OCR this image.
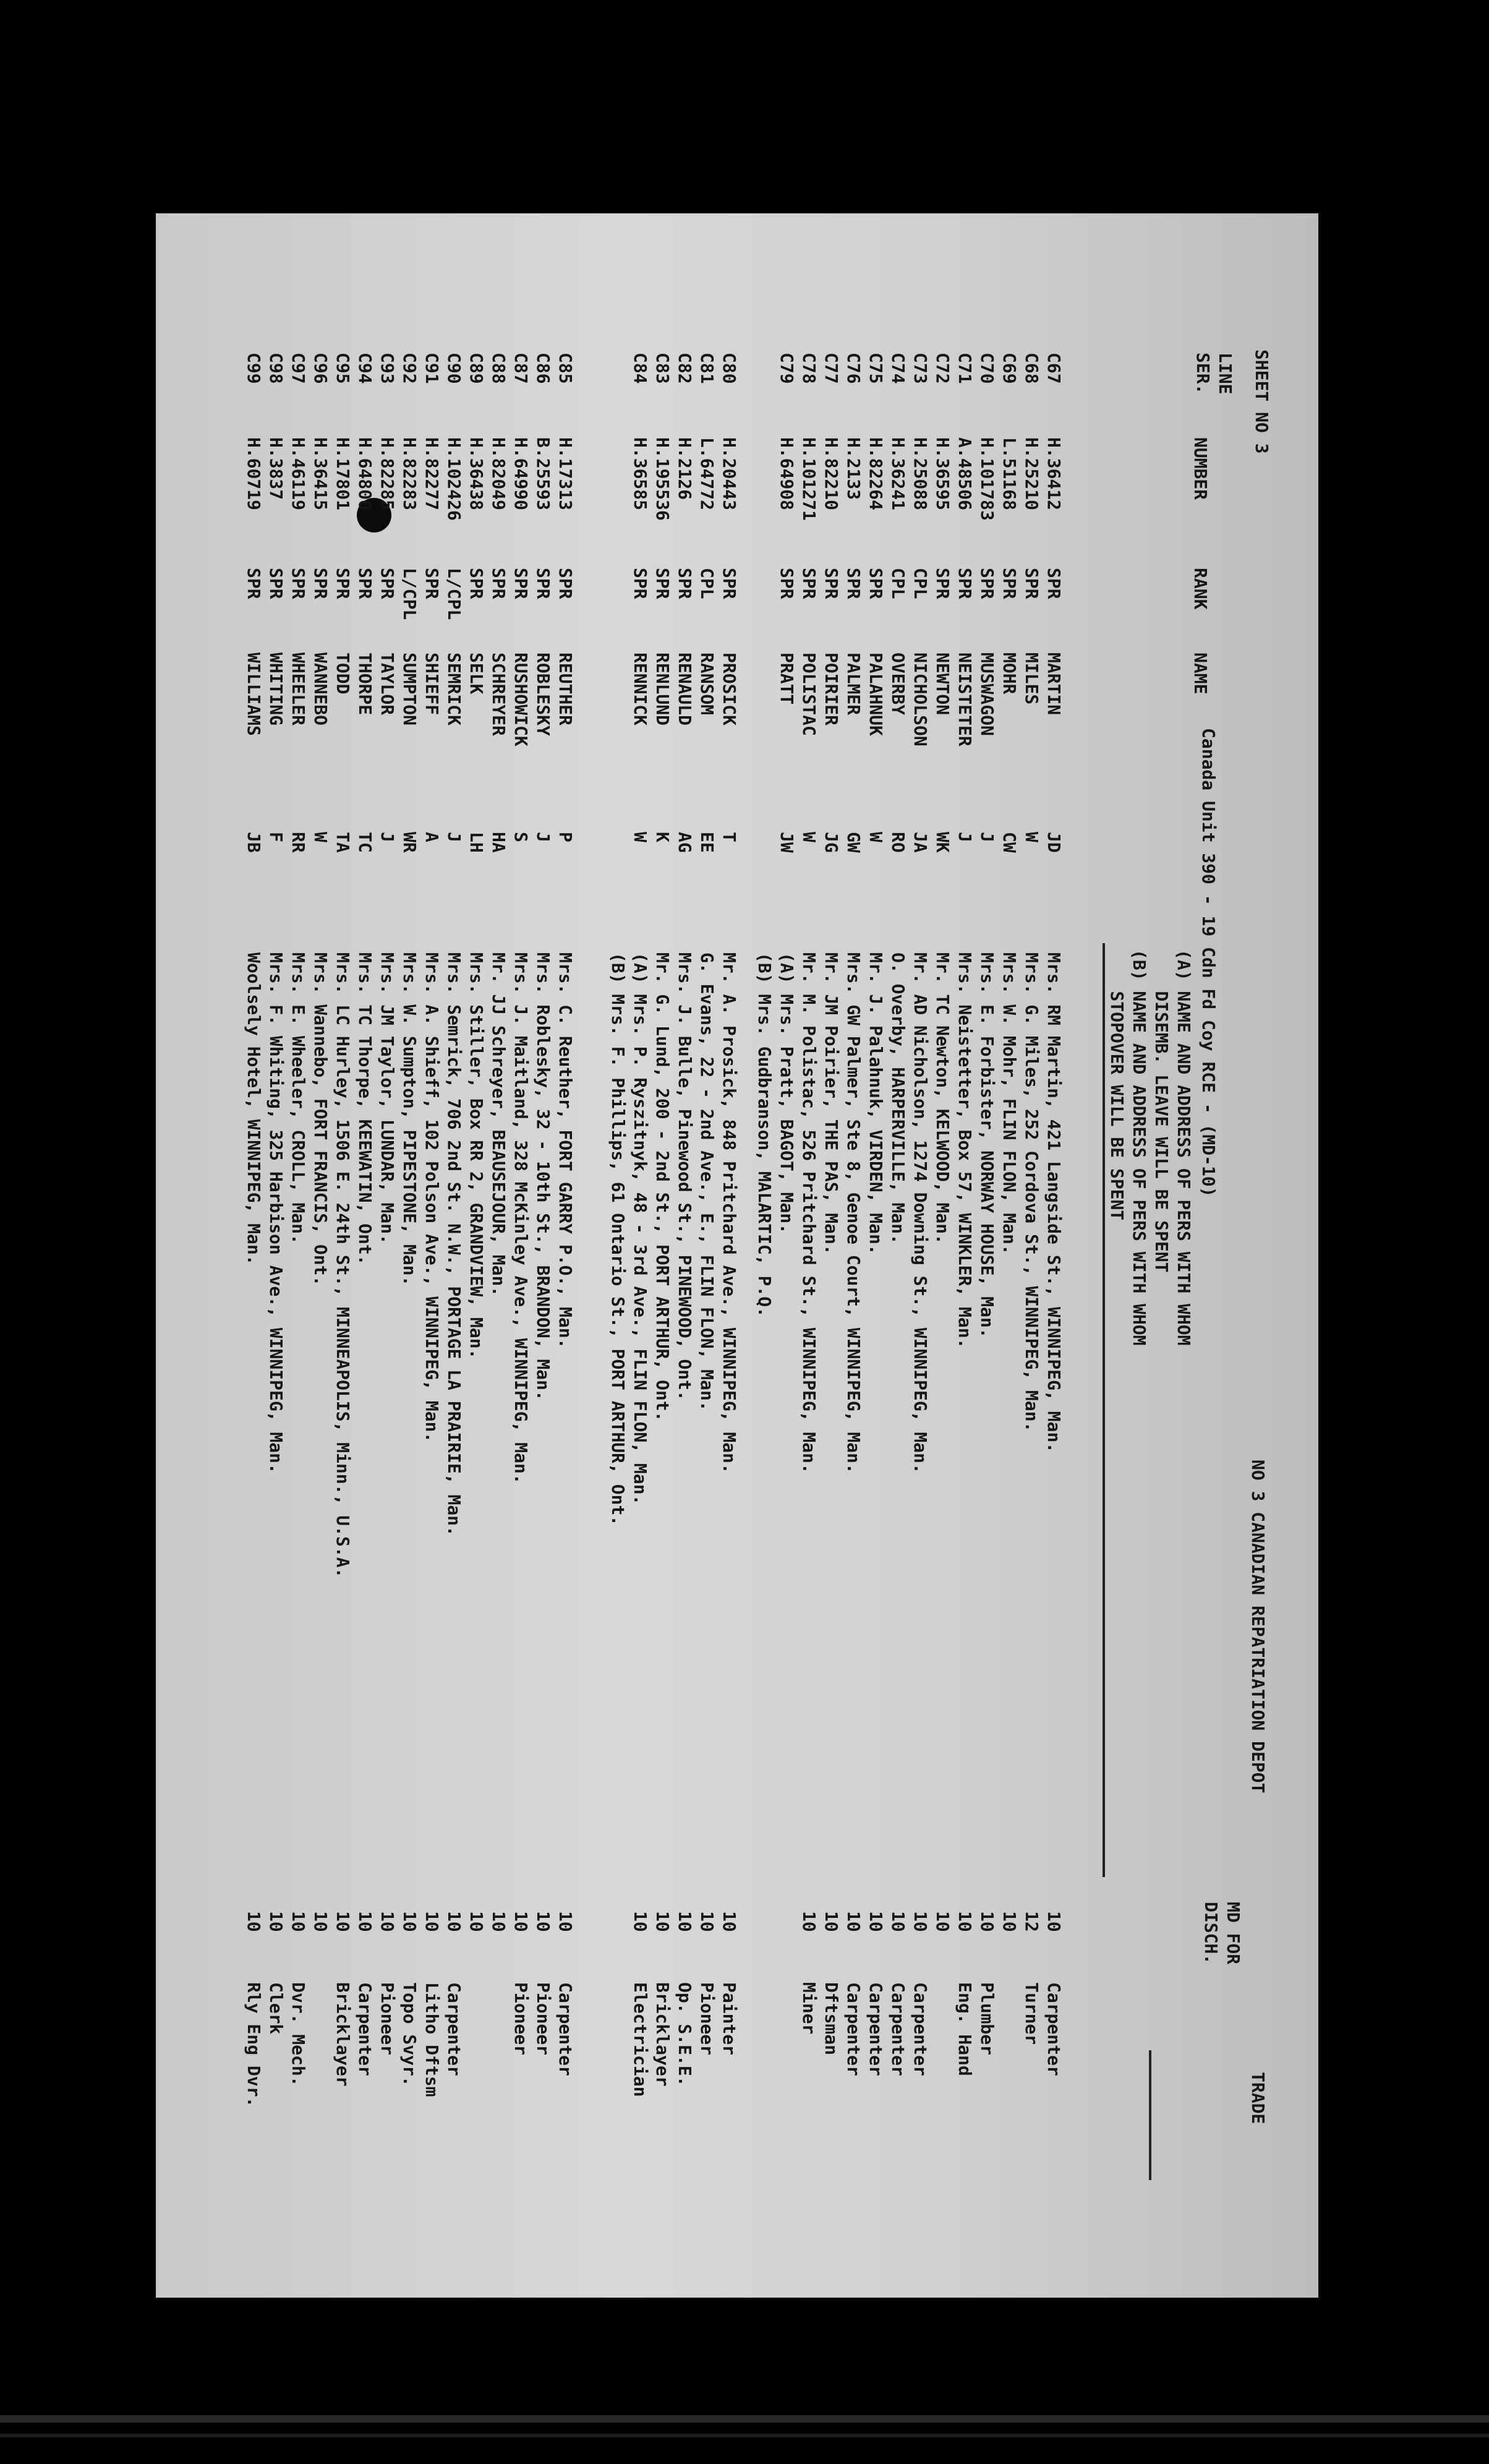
SHEET NO 3
Canada Unit 390 - 19 Cdn Fd Coy RCE - (MD-10)
NO 3 CANADIAN REPATRIATION DEPOT
LINE
SER.
NUMBER
RANK
NAME
(A) NAME AND ADDRESS OF PERS WITH WHOM
DISEMB. LEAVE WILL BE SPENT
(B) NAME AND ADDRESS OF PERS WITH WHOM
STOPOVER WILL BE SPENT
MD FOR
DISCH.
TRADE
C67
C68
C69
C70
C71
C72
C73
C74
C75
C76
C77
C78
C79
H.36412
H.25210
L.51168
H.101783
A.48506
H.36595
H.25088
H.36241
H.82264
H.2133
H.82210
H.101271
H.64908
SPR
SPR
SPR
SPR
SPR
SPR
CPL
CPL
SPR
SPR
SPR
SPR
SPR
MARTIN
MILES
MOHR
MUSWAGON
NEISTETER
NEWTON
NICHOLSON
OVERBY
PALAHNUK
PALMER
POIRIER
POLISTAC
PRATT
JD
W
CW
J
J
WK
JA
RO
W
GW
JG
W
JW
Mrs. RM Martin, 421 Langside St., WINNIPEG, Man.
Mrs. G. Miles, 252 Cordova St., WINNIPEG, Man.
Mrs. W. Mohr, FLIN FLON, Man.
Mrs. E. Forbister, NORWAY HOUSE, Man.
Mrs. Neistetter, Box 57, WINKLER, Man.
Mr. TC Newton, KELWOOD, Man.
Mr. AD Nicholson, 1274 Downing St., WINNIPEG, Man.
O. Overby, HARPERVILLE, Man.
Mr. J. Palahnuk, VIRDEN, Man.
Mrs. GW Palmer, Ste 8, Genoe Court, WINNIPEG, Man.
Mr. JM Poirier, THE PAS, Man.
Mr. M. Polistac, 526 Pritchard St., WINNIPEG, Man.
(A) Mrs. Pratt, BAGOT, Man.
(B) Mrs. Gudbranson, MALARTIC, P.Q.
10
12
10
10
10
10
10
10
10
10
10
10
Carpenter
Turner
Plumber
Eng. Hand
Carpenter
Carpenter
Carpenter
Carpenter
Dftsman
Miner
C80
C81
C82
C83
C84
H.20443
L.64772
H.2126
H.195536
H.36585
SPR
CPL
SPR
SPR
SPR
PROSICK
RANSOM
RENAULD
RENLUND
RENNICK
T
EE
AG
K
W
Mr. A. Prosick, 848 Pritchard Ave., WINNIPEG, Man.
G. Evans, 22 - 2nd Ave., E., FLIN FLON, Man.
Mrs. J. Bulle, Pinewood St., PINEWOOD, Ont.
Mr. G. Lund, 200 - 2nd St., PORT ARTHUR, Ont.
(A) Mrs. P. Ryszitnyk, 48 - 3rd Ave., FLIN FLON, Man.
(B) Mrs. F. Phillips, 61 Ontario St., PORT ARTHUR, Ont.
10
10
10
10
10
Painter
Pioneer
Op. S.E.E.
Bricklayer
Electrician
C85
C86
C87
C88
C89
C90
C91
C92
C93
C94
C95
C96
C97
C98
C99
H.17313
B.25593
H.64990
H.82049
H.36438
H.102426
H.82277
H.82283
H.82285
H.64800
H.17801
H.36415
H.46119
H.3837
H.60719
SPR
SPR
SPR
SPR
SPR
L/CPL
SPR
L/CPL
SPR
SPR
SPR
SPR
SPR
SPR
SPR
REUTHER
ROBLESKY
RUSHOWICK
SCHREYER
SELK
SEMRICK
SHIEFF
SUMPTON
TAYLOR
THORPE
TODD
WANNEBO
WHEELER
WHITING
WILLIAMS
P
J
S
HA
LH
J
A
WR
J
TC
TA
W
RR
F
JB
Mrs. C. Reuther, FORT GARRY P.O., Man.
Mrs. Roblesky, 32 - 10th St., BRANDON, Man.
Mrs. J. Maitland, 328 McKinley Ave., WINNIPEG, Man.
Mr. JJ Schreyer, BEAUSEJOUR, Man.
Mrs. Stiller, Box RR 2, GRANDVIEW, Man.
Mrs. Semrick, 706 2nd St. N.W., PORTAGE LA PRAIRIE, Man.
Mrs. A. Shieff, 102 Polson Ave., WINNIPEG, Man.
Mrs. W. Sumpton, PIPESTONE, Man.
Mrs. JM Taylor, LUNDAR, Man.
Mrs. TC Thorpe, KEEWATIN, Ont.
Mrs. LC Hurley, 1506 E. 24th St., MINNEAPOLIS, Minn., U.S.A.
Mrs. Wannebo, FORT FRANCIS, Ont.
Mrs. E. Wheeler, CROLL, Man.
Mrs. F. Whiting, 325 Harbison Ave., WINNIPEG, Man.
Woolsely Hotel, WINNIPEG, Man.
10
10
10
10
10
10
10
10
10
10
10
10
10
10
10
Carpenter
Pioneer
Pioneer
Carpenter
Litho Dftsm
Topo Svyr.
Pioneer
Carpenter
Bricklayer
Dvr. Mech.
Clerk
Rly Eng Dvr.
